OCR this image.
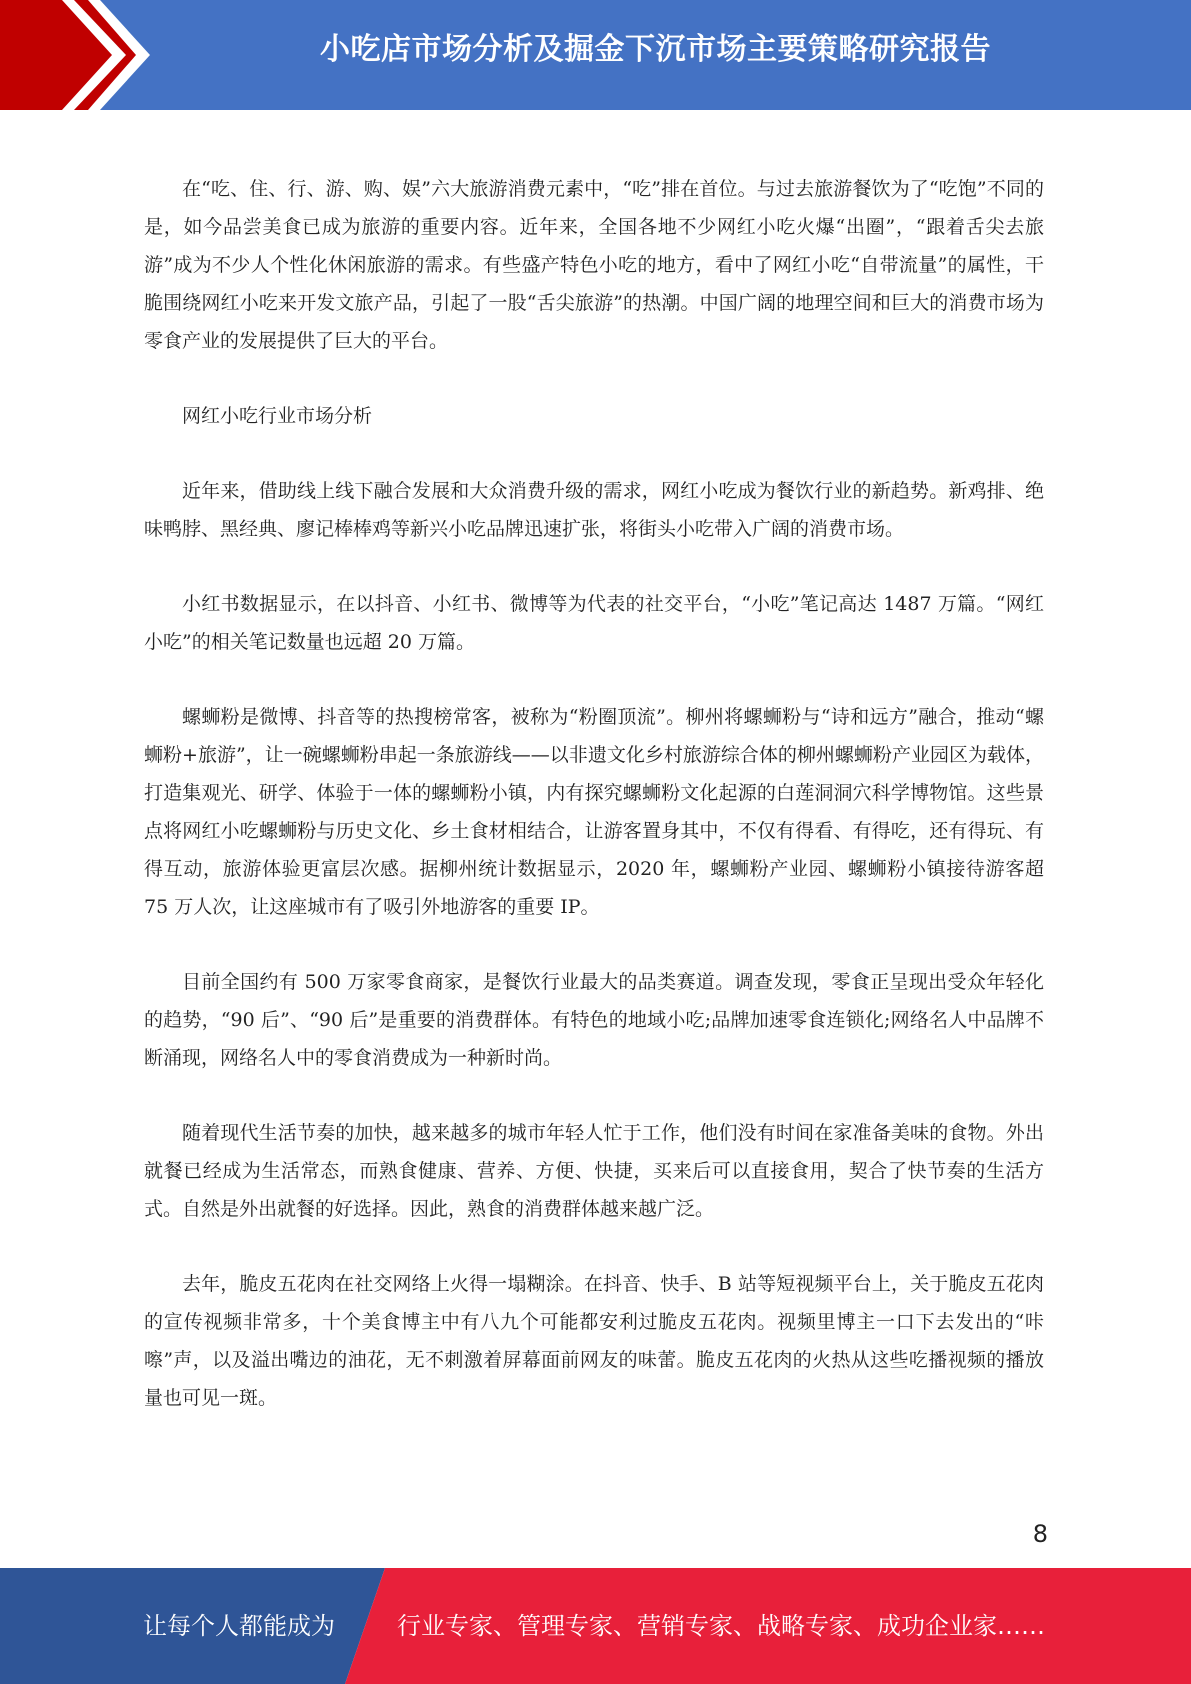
小吃店市场分析及掘金下沉市场主要策略研究报告

在“吃、住、行、游、购、娱”六大旅游消费元素中，“吃”排在首位。与过去旅游餐饮为了“吃饱”不同的是，如今品尝美食已成为旅游的重要内容。近年来，全国各地不少网红小吃火爆“出圈”，“跟着舌尖去旅游”成为不少人个性化休闲旅游的需求。有些盛产特色小吃的地方，看中了网红小吃“自带流量”的属性，干脆围绕网红小吃来开发文旅产品，引起了一股“舌尖旅游”的热潮。中国广阔的地理空间和巨大的消费市场为零食产业的发展提供了巨大的平台。

网红小吃行业市场分析

近年来，借助线上线下融合发展和大众消费升级的需求，网红小吃成为餐饮行业的新趋势。新鸡排、绝味鸭脖、黑经典、廖记棒棒鸡等新兴小吃品牌迅速扩张，将街头小吃带入广阔的消费市场。

小红书数据显示，在以抖音、小红书、微博等为代表的社交平台，“小吃”笔记高达 1487 万篇。“网红小吃”的相关笔记数量也远超 20 万篇。

螺蛳粉是微博、抖音等的热搜榜常客，被称为“粉圈顶流”。柳州将螺蛳粉与“诗和远方”融合，推动“螺蛳粉+旅游”，让一碗螺蛳粉串起一条旅游线——以非遗文化乡村旅游综合体的柳州螺蛳粉产业园区为载体，打造集观光、研学、体验于一体的螺蛳粉小镇，内有探究螺蛳粉文化起源的白莲洞洞穴科学博物馆。这些景点将网红小吃螺蛳粉与历史文化、乡土食材相结合，让游客置身其中，不仅有得看、有得吃，还有得玩、有得互动，旅游体验更富层次感。据柳州统计数据显示，2020 年，螺蛳粉产业园、螺蛳粉小镇接待游客超 75 万人次，让这座城市有了吸引外地游客的重要 IP。

目前全国约有 500 万家零食商家，是餐饮行业最大的品类赛道。调查发现，零食正呈现出受众年轻化的趋势，“90 后”、“90 后”是重要的消费群体。有特色的地域小吃;品牌加速零食连锁化;网络名人中品牌不断涌现，网络名人中的零食消费成为一种新时尚。

随着现代生活节奏的加快，越来越多的城市年轻人忙于工作，他们没有时间在家准备美味的食物。外出就餐已经成为生活常态，而熟食健康、营养、方便、快捷，买来后可以直接食用，契合了快节奏的生活方式。自然是外出就餐的好选择。因此，熟食的消费群体越来越广泛。

去年，脆皮五花肉在社交网络上火得一塌糊涂。在抖音、快手、B 站等短视频平台上，关于脆皮五花肉的宣传视频非常多，十个美食博主中有八九个可能都安利过脆皮五花肉。视频里博主一口下去发出的“咔嚓”声，以及溢出嘴边的油花，无不刺激着屏幕面前网友的味蕾。脆皮五花肉的火热从这些吃播视频的播放量也可见一斑。

8
让每个人都能成为	行业专家、管理专家、营销专家、战略专家、成功企业家……
